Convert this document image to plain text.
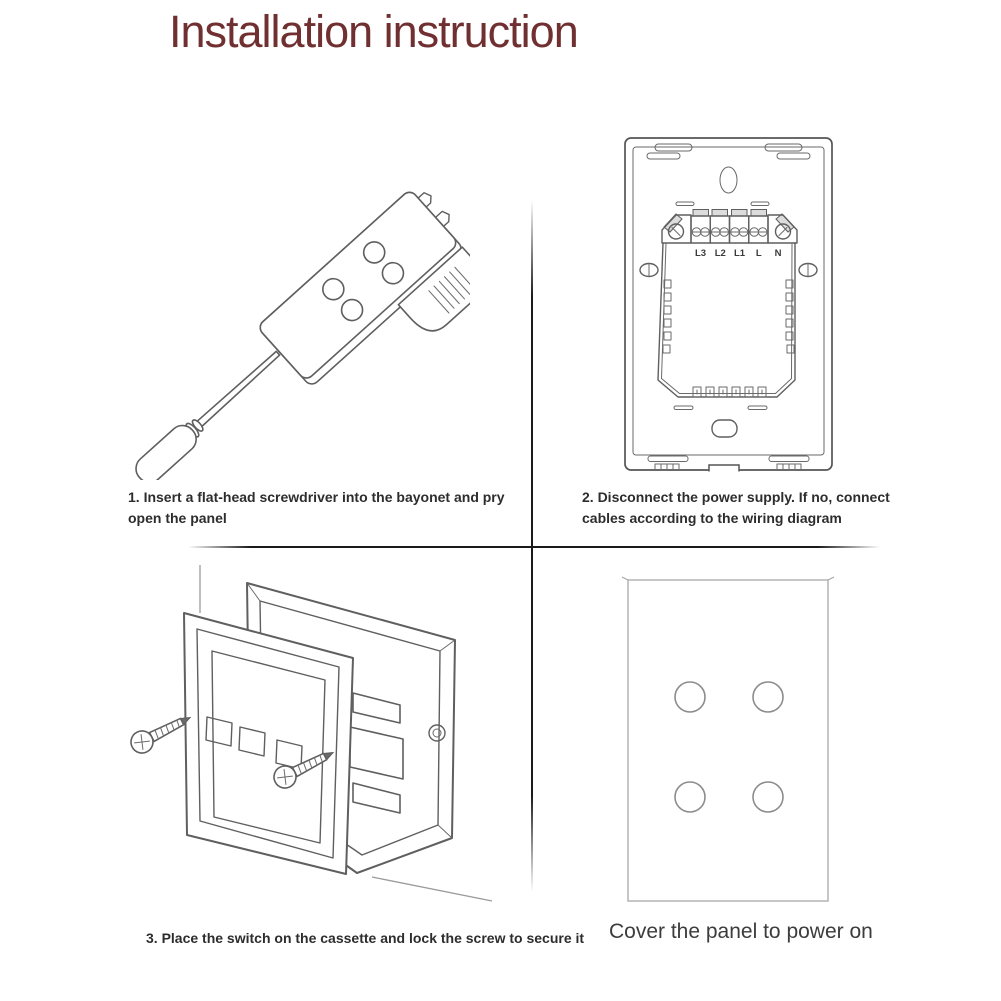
Installation instruction
L3 L2 L1 L N
1. Insert a flat-head screwdriver into the bayonet and pry open the panel
2. Disconnect the power supply. If no, connect cables according to the wiring diagram
3. Place the switch on the cassette and lock the screw to secure it Cover the panel to power on
